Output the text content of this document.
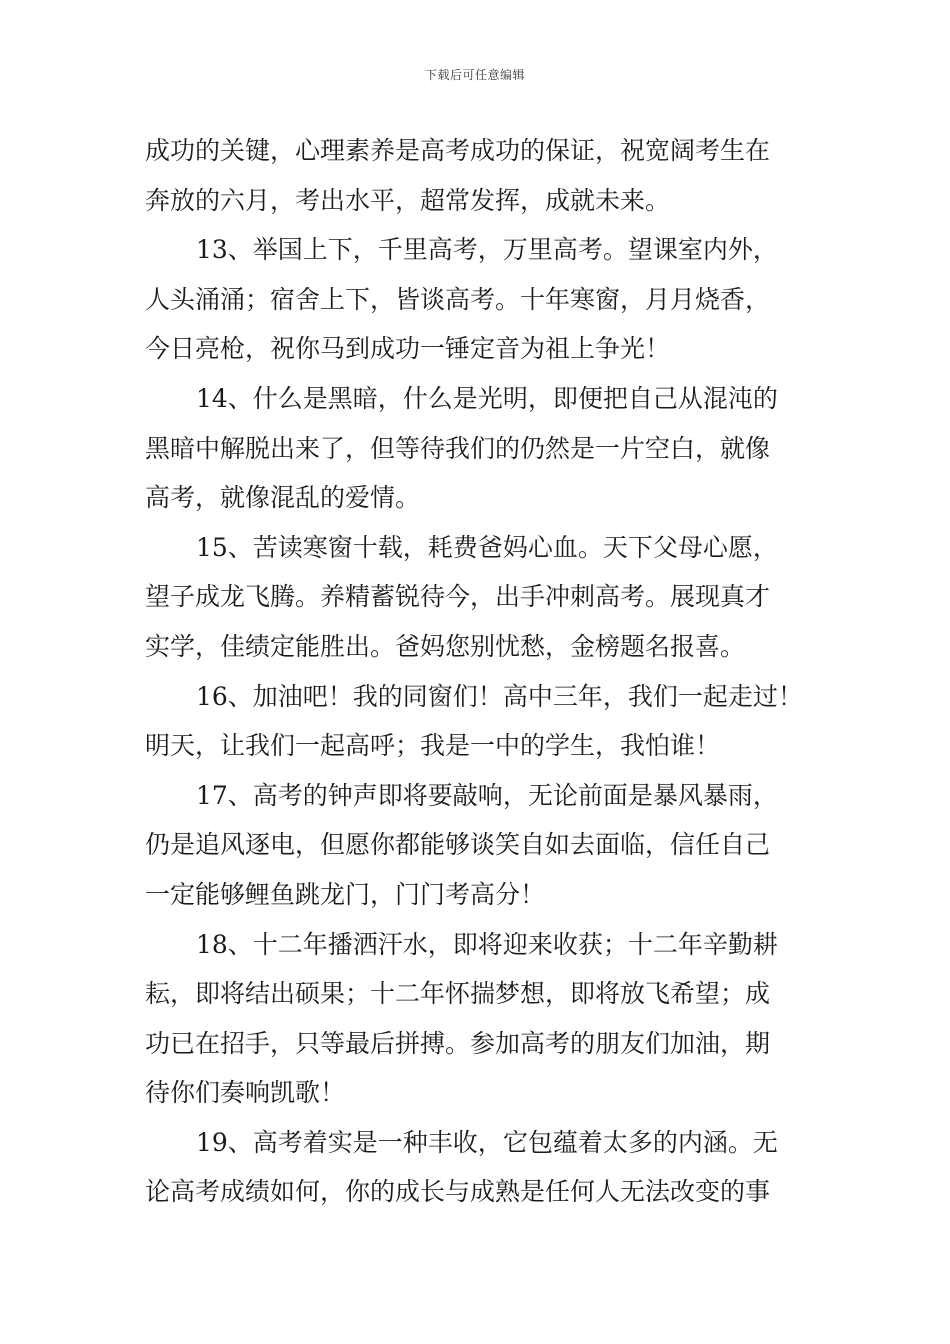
下载后可任意编辑
成功的关键，心理素养是高考成功的保证，祝宽阔考生在
奔放的六月，考出水平，超常发挥，成就未来。
13、举国上下，千里高考，万里高考。望课室内外，
人头涌涌；宿舍上下，皆谈高考。十年寒窗，月月烧香，
今日亮枪，祝你马到成功一锤定音为祖上争光！
14、什么是黑暗，什么是光明，即便把自己从混沌的
黑暗中解脱出来了，但等待我们的仍然是一片空白，就像
高考，就像混乱的爱情。
15、苦读寒窗十载，耗费爸妈心血。天下父母心愿，
望子成龙飞腾。养精蓄锐待今，出手冲刺高考。展现真才
实学，佳绩定能胜出。爸妈您别忧愁，金榜题名报喜。
16、加油吧！我的同窗们！高中三年，我们一起走过！
明天，让我们一起高呼；我是一中的学生，我怕谁！
17、高考的钟声即将要敲响，无论前面是暴风暴雨，
仍是追风逐电，但愿你都能够谈笑自如去面临，信任自己
一定能够鲤鱼跳龙门，门门考高分！
18、十二年播洒汗水，即将迎来收获；十二年辛勤耕
耘，即将结出硕果；十二年怀揣梦想，即将放飞希望；成
功已在招手，只等最后拼搏。参加高考的朋友们加油，期
待你们奏响凯歌！
19、高考着实是一种丰收，它包蕴着太多的内涵。无
论高考成绩如何，你的成长与成熟是任何人无法改变的事
